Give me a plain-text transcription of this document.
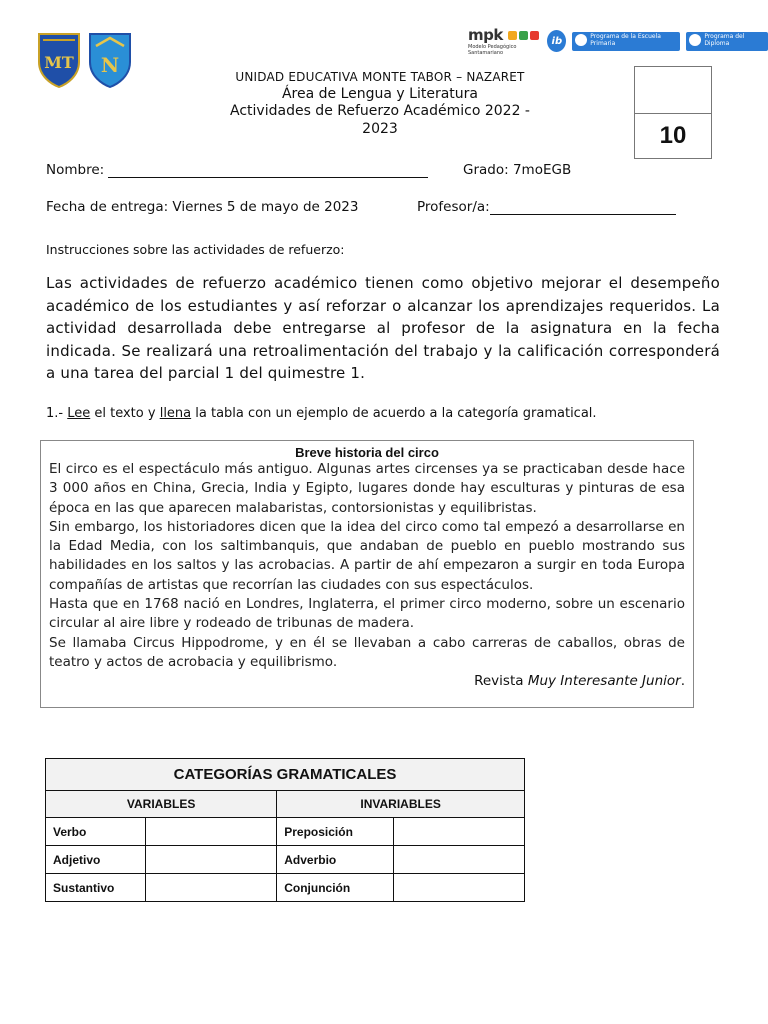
MT N
mpk
Modelo Pedagógico Santamariano
ib	Programa de la Escuela Primaria
Programa del Diploma
UNIDAD EDUCATIVA MONTE TABOR – NAZARET
Área de Lengua y Literatura
Actividades de Refuerzo Académico 2022 -
2023	10
Nombre:	Grado: 7moEGB
Fecha de entrega: Viernes 5 de mayo de 2023	Profesor/a:
Instrucciones sobre las actividades de refuerzo:
Las actividades de refuerzo académico tienen como objetivo mejorar el desempeño académico de los estudiantes y así reforzar o alcanzar los aprendizajes requeridos. La actividad desarrollada debe entregarse al profesor de la asignatura en la fecha indicada. Se realizará una retroalimentación del trabajo y la calificación corresponderá a una tarea del parcial 1 del quimestre 1.
1.- Lee el texto y llena la tabla con un ejemplo de acuerdo a la categoría gramatical.
Breve historia del circo

El circo es el espectáculo más antiguo. Algunas artes circenses ya se practicaban desde hace 3 000 años en China, Grecia, India y Egipto, lugares donde hay esculturas y pinturas de esa época en las que aparecen malabaristas, contorsionistas y equilibristas.

Sin embargo, los historiadores dicen que la idea del circo como tal empezó a desarrollarse en la Edad Media, con los saltimbanquis, que andaban de pueblo en pueblo mostrando sus habilidades en los saltos y las acrobacias. A partir de ahí empezaron a surgir en toda Europa compañías de artistas que recorrían las ciudades con sus espectáculos.

Hasta que en 1768 nació en Londres, Inglaterra, el primer circo moderno, sobre un escenario circular al aire libre y rodeado de tribunas de madera.

Se llamaba Circus Hippodrome, y en él se llevaban a cabo carreras de caballos, obras de teatro y actos de acrobacia y equilibrismo.

Revista Muy Interesante Junior.
CATEGORÍAS GRAMATICALES			
VARIABLES		INVARIABLES	
Verbo		Preposición	
Adjetivo		Adverbio	
Sustantivo		Conjunción	
